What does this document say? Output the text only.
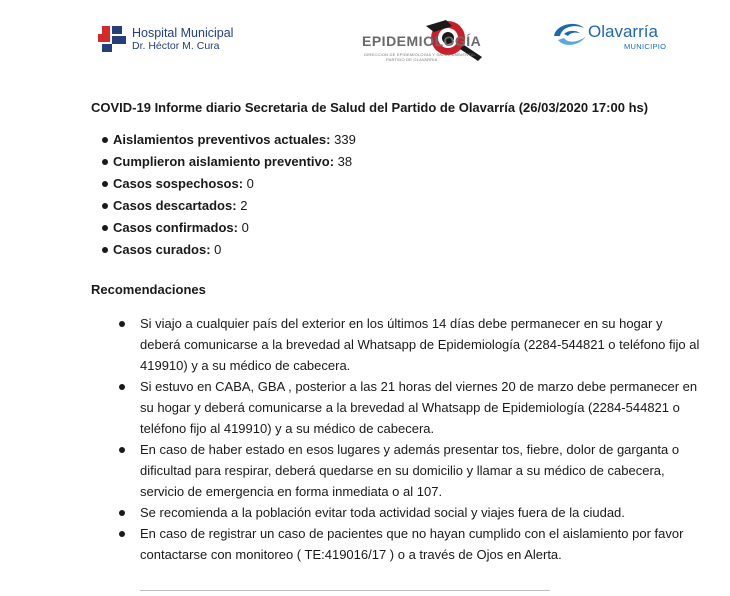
Hospital Municipal
Dr. Héctor M. Cura	EPIDEMIOLOGÍA
DIRECCION DE EPIDEMIOLOGIA Y SALUD AMBIENTAL
PARTIDO DE OLAVARRIA
Olavarría
MUNICIPIO
COVID-19 Informe diario Secretaria de Salud del Partido de Olavarría (26/03/2020 17:00 hs)
Aislamientos preventivos actuales: 339
Cumplieron aislamiento preventivo: 38
Casos sospechosos: 0
Casos descartados: 2
Casos confirmados: 0
Casos curados: 0
Recomendaciones
Si viajo a cualquier país del exterior en los últimos 14 días debe permanecer en su hogar y deberá comunicarse a la brevedad al Whatsapp de Epidemiología (2284-544821 o teléfono fijo al 419910) y a su médico de cabecera.
Si estuvo en CABA, GBA , posterior a las 21 horas del viernes 20 de marzo debe permanecer en su hogar y deberá comunicarse a la brevedad al Whatsapp de Epidemiología (2284-544821 o teléfono fijo al 419910) y a su médico de cabecera.
En caso de haber estado en esos lugares y además presentar tos, fiebre, dolor de garganta o dificultad para respirar, deberá quedarse en su domicilio y llamar a su médico de cabecera, servicio de emergencia en forma inmediata o al 107.
Se recomienda a la población evitar toda actividad social y viajes fuera de la ciudad.
En caso de registrar un caso de pacientes que no hayan cumplido con el aislamiento por favor contactarse con monitoreo ( TE:419016/17 ) o a través de Ojos en Alerta.
